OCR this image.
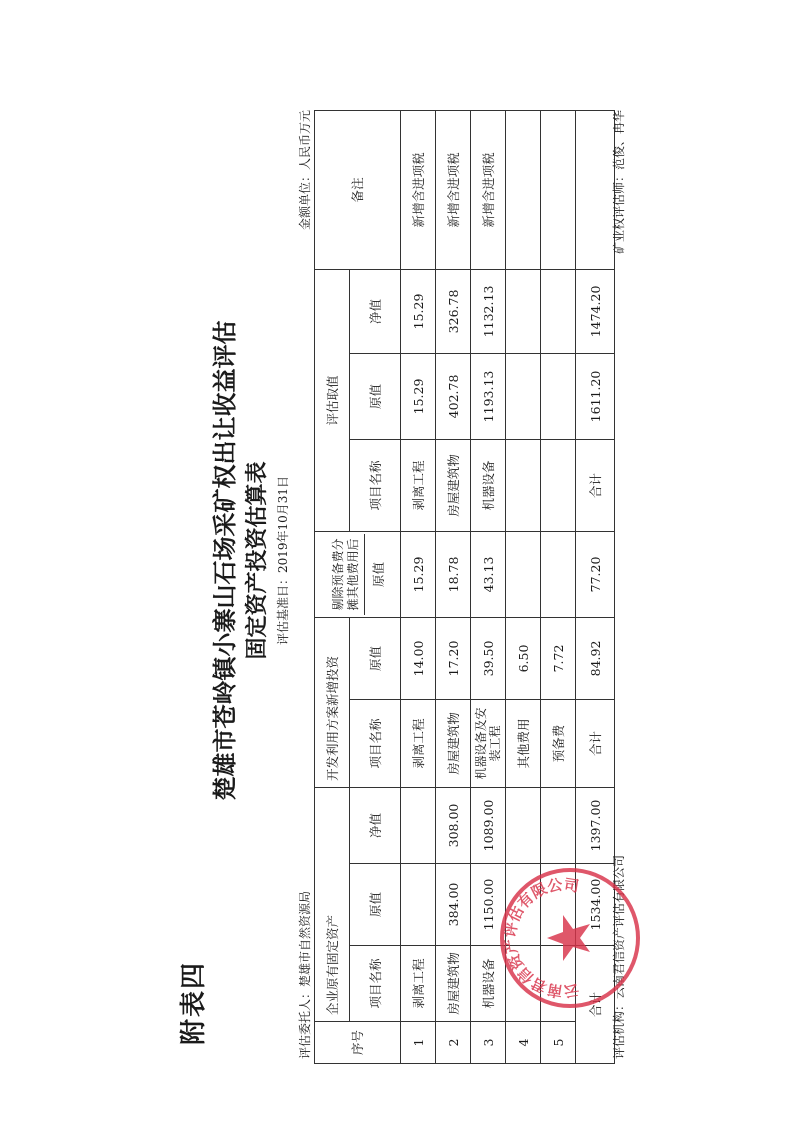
附表四
楚雄市苍岭镇小寨山石场采矿权出让收益评估 固定资产投资估算表 评估基准日：2019年10月31日
评估委托人：楚雄市自然资源局
金额单位：人民币万元
序号	企业原有固定资产			开发利用方案新增投资		剔除预备费分摊其他费用后 原值	评估取值			备注
	项目名称	原值	净值	项目名称	原值		项目名称	原值	净值	
1	剥离工程			剥离工程	14.00	15.29	剥离工程	15.29	15.29	新增含进项税
2	房屋建筑物	384.00	308.00	房屋建筑物	17.20	18.78	房屋建筑物	402.78	326.78	新增含进项税
3	机器设备	1150.00	1089.00	机器设备及安装工程	39.50	43.13	机器设备	1193.13	1132.13	新增含进项税
4				其他费用	6.50					
5				预备费	7.72					
合计		1534.00	1397.00	合计	84.92	77.20	合计	1611.20	1474.20	
评估机构：云南君信资产评估有限公司
矿业权评估师：范俊、冉华
云南君信资产评估有限公司
